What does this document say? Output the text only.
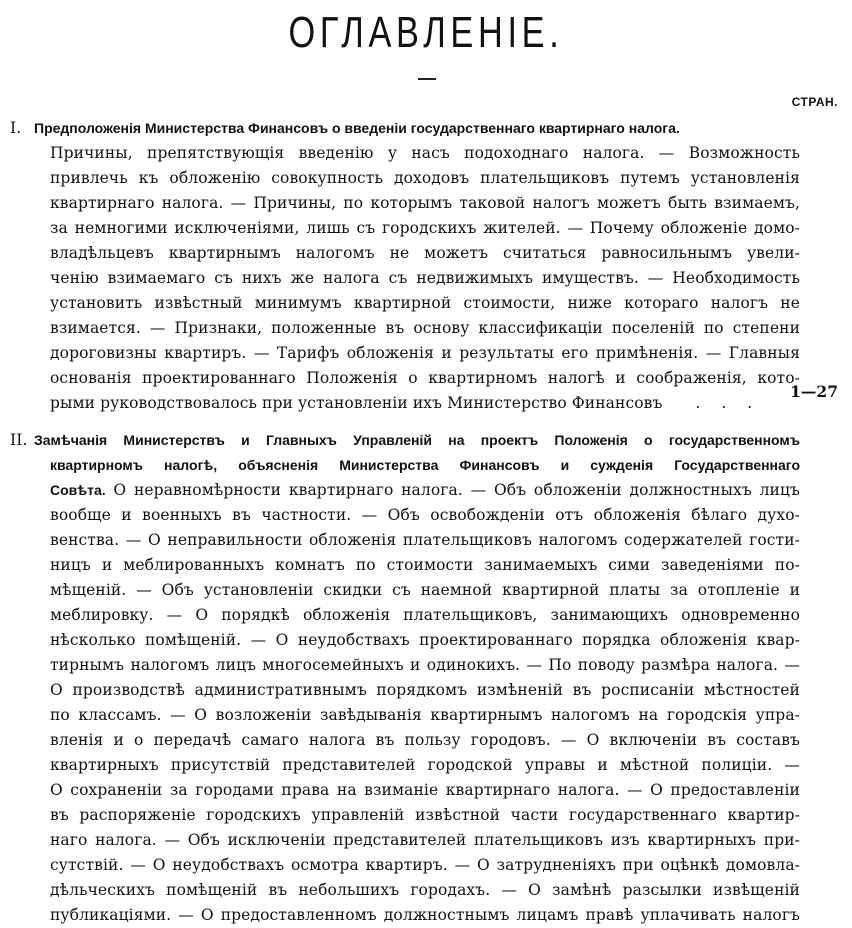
ОГЛАВЛЕНІЕ.
СТРАН.
I. Предположенія Министерства Финансовъ о введеніи государственнаго квартирнаго налога.
Причины, препятствующія введенію у насъ подоходнаго налога. — Возможность
привлечь къ обложенію совокупность доходовъ плательщиковъ путемъ установленія
квартирнаго налога. — Причины, по которымъ таковой налогъ можетъ быть взимаемъ,
за немногими исключеніями, лишь съ городскихъ жителей. — Почему обложеніе домо-
владѣльцевъ квартирнымъ налогомъ не можетъ считаться равносильнымъ увели-
ченію взимаемаго съ нихъ же налога съ недвижимыхъ имуществъ. — Необходимость
установить извѣстный минимумъ квартирной стоимости, ниже котораго налогъ не
взимается. — Признаки, положенные въ основу классификаціи поселеній по степени
дороговизны квартиръ. — Тарифъ обложенія и результаты его примѣненія. — Главныя
основанія проектированнаго Положенія о квартирномъ налогѣ и соображенія, кото-
рыми руководствовалось при установленіи ихъ Министерство Финансовъ . . .
1—27
II. Замѣчанія Министерствъ и Главныхъ Управленій на проектъ Положенія о государственномъ
квартирномъ налогѣ, объясненія Министерства Финансовъ и сужденія Государственнаго
Совѣта. О неравномѣрности квартирнаго налога. — Объ обложеніи должностныхъ лицъ
вообще и военныхъ въ частности. — Объ освобожденіи отъ обложенія бѣлаго духо-
венства. — О неправильности обложенія плательщиковъ налогомъ содержателей гости-
ницъ и меблированныхъ комнатъ по стоимости занимаемыхъ сими заведеніями по-
мѣщеній. — Объ установленіи скидки съ наемной квартирной платы за отопленіе и
меблировку. — О порядкѣ обложенія плательщиковъ, занимающихъ одновременно
нѣсколько помѣщеній. — О неудобствахъ проектированнаго порядка обложенія квар-
тирнымъ налогомъ лицъ многосемейныхъ и одинокихъ. — По поводу размѣра налога. —
О производствѣ административнымъ порядкомъ измѣненій въ росписаніи мѣстностей
по классамъ. — О возложеніи завѣдыванія квартирнымъ налогомъ на городскія упра-
вленія и о передачѣ самаго налога въ пользу городовъ. — О включеніи въ составъ
квартирныхъ присутствій представителей городской управы и мѣстной полиціи. —
О сохраненіи за городами права на взиманіе квартирнаго налога. — О предоставленіи
въ распоряженіе городскихъ управленій извѣстной части государственнаго квартир-
наго налога. — Объ исключеніи представителей плательщиковъ изъ квартирныхъ при-
сутствій. — О неудобствахъ осмотра квартиръ. — О затрудненіяхъ при оцѣнкѣ домовла-
дѣльческихъ помѣщеній въ небольшихъ городахъ. — О замѣнѣ разсылки извѣщеній
публикаціями. — О предоставленномъ должностнымъ лицамъ правѣ уплачивать налогъ
